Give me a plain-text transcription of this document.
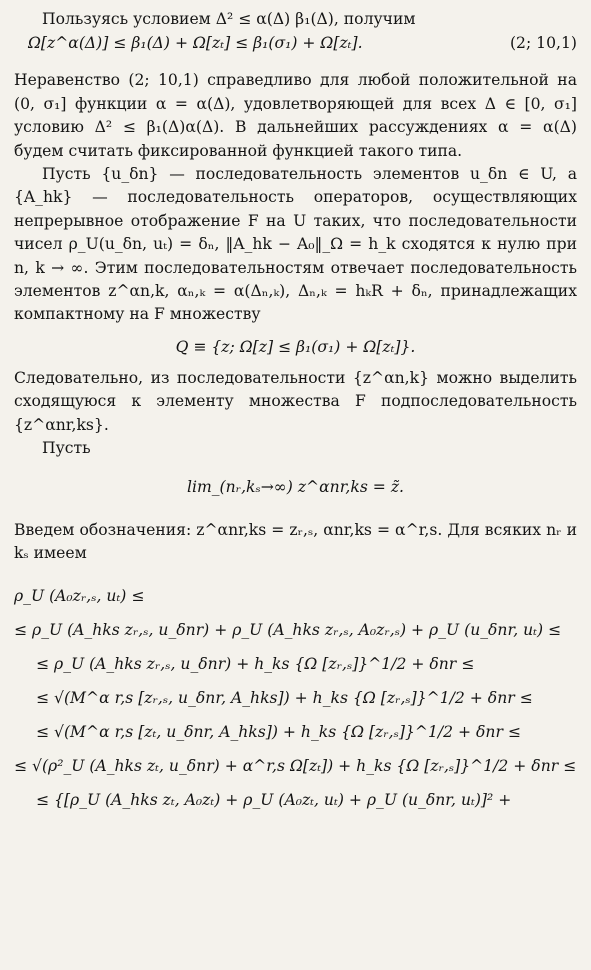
Пользуясь условием Δ² ≤ α(Δ) β₁(Δ), получим

Ω[z^α(Δ)] ≤ β₁(Δ) + Ω[zₜ] ≤ β₁(σ₁) + Ω[zₜ].	(2; 10,1)

Неравенство (2; 10,1) справедливо для любой положительной на (0, σ₁] функции α = α(Δ), удовлетворяющей для всех Δ ∈ [0, σ₁] условию Δ² ≤ β₁(Δ)α(Δ). В дальнейших рассуждениях α = α(Δ) будем считать фиксированной функцией такого типа.

Пусть {u_δn} — последовательность элементов u_δn ∈ U, а {A_hk} — последовательность операторов, осуществляющих непрерывное отображение F на U таких, что последовательности чисел ρ_U(u_δn, uₜ) = δₙ, ‖A_hk − A₀‖_Ω = h_k сходятся к нулю при n, k → ∞. Этим последовательностям отвечает последовательность элементов z^αn,k, αₙ,ₖ = α(Δₙ,ₖ), Δₙ,ₖ = hₖR + δₙ, принадлежащих компактному на F множеству

Q ≡ {z; Ω[z] ≤ β₁(σ₁) + Ω[zₜ]}.

Следовательно, из последовательности {z^αn,k} можно выделить сходящуюся к элементу множества F подпоследовательность {z^αnr,ks}.

Пусть

lim_(nᵣ,kₛ→∞) z^αnr,ks = z̃.

Введем обозначения: z^αnr,ks = zᵣ,ₛ, αnr,ks = α^r,s. Для всяких nᵣ и kₛ имеем

ρ_U (A₀zᵣ,ₛ, uₜ) ≤
≤ ρ_U (A_hks zᵣ,ₛ, u_δnr) + ρ_U (A_hks zᵣ,ₛ, A₀zᵣ,ₛ) + ρ_U (u_δnr, uₜ) ≤
≤ ρ_U (A_hks zᵣ,ₛ, u_δnr) + h_ks {Ω [zᵣ,ₛ]}^1/2 + δnr ≤
≤ √(M^α r,s [zᵣ,ₛ, u_δnr, A_hks]) + h_ks {Ω [zᵣ,ₛ]}^1/2 + δnr ≤
≤ √(M^α r,s [zₜ, u_δnr, A_hks]) + h_ks {Ω [zᵣ,ₛ]}^1/2 + δnr ≤
≤ √(ρ²_U (A_hks zₜ, u_δnr) + α^r,s Ω[zₜ]) + h_ks {Ω [zᵣ,ₛ]}^1/2 + δnr ≤
≤ {[ρ_U (A_hks zₜ, A₀zₜ) + ρ_U (A₀zₜ, uₜ) + ρ_U (u_δnr, uₜ)]² +
